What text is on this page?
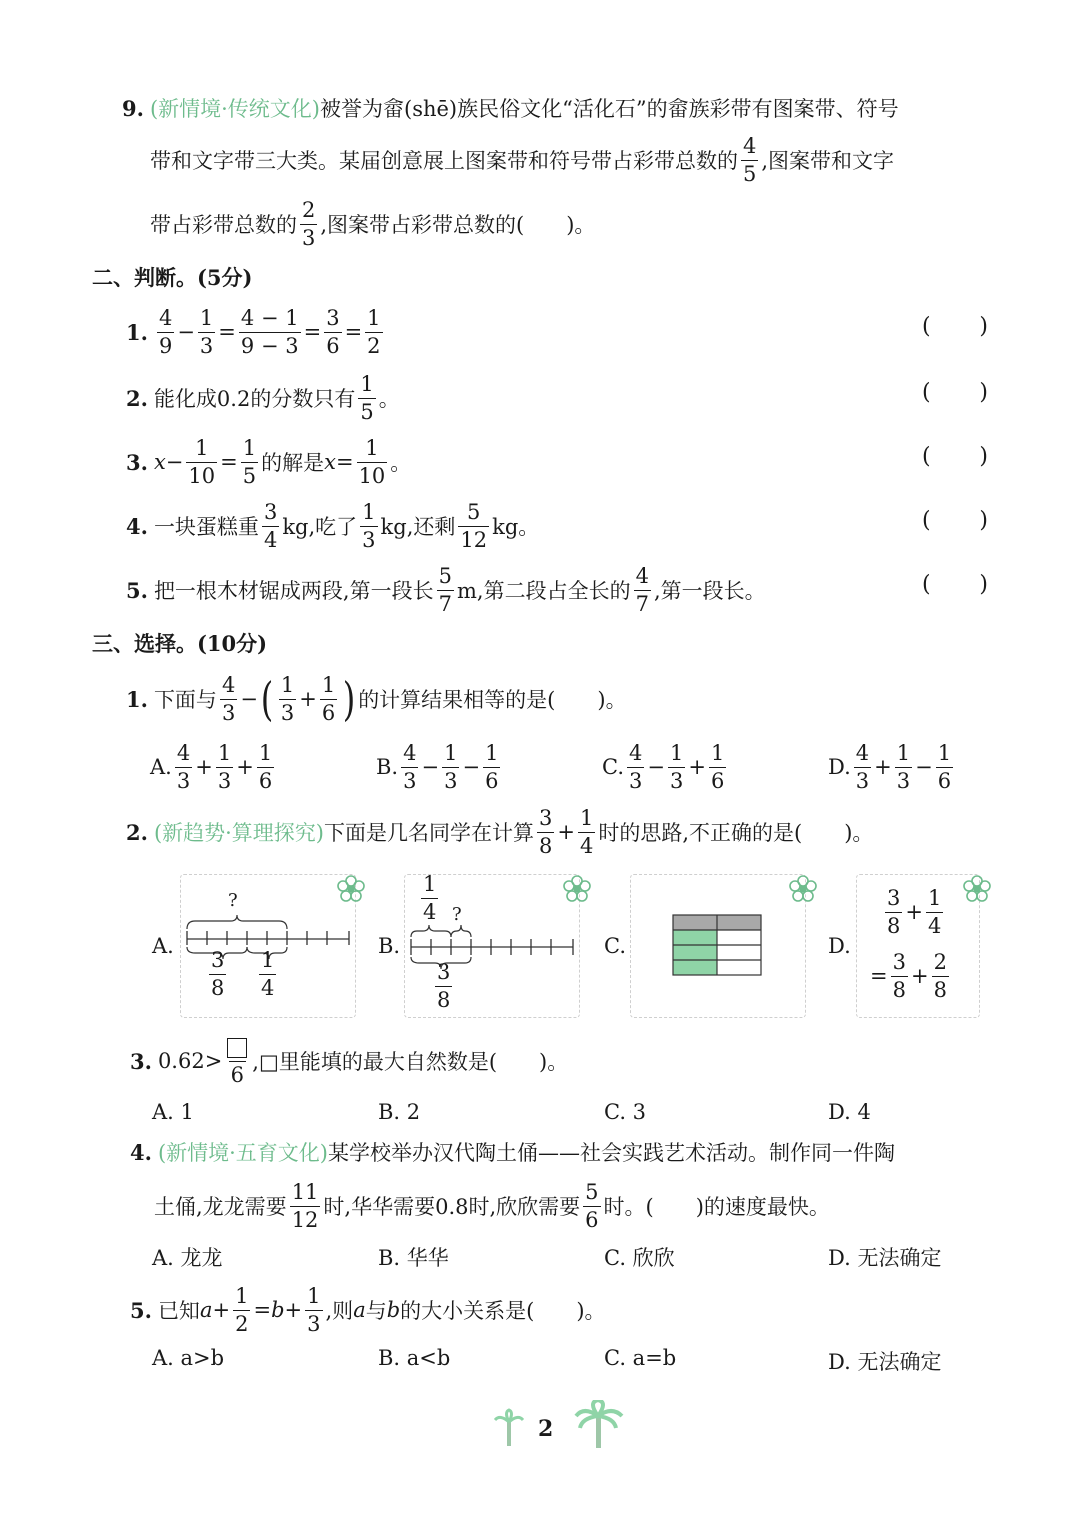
9. (新情境·传统文化) 被誉为畲(shē)族民俗文化“活化石”的畲族彩带有图案带、符号
带和文字带三大类。某届创意展上图案带和符号带占彩带总数的 $\frac{4}{5}$ ,图案带和文字
带占彩带总数的 $\frac{2}{3}$ ,图案带占彩带总数的(　　)。
二、判断。(5分)
1. $\frac{4}{9} - \frac{1}{3} = \frac{4 - 1}{9 - 3} = \frac{3}{6} = \frac{1}{2}$	( )
2. 能化成0.2的分数只有 $\frac{1}{5}$ 。	( )
3. $x - \frac{1}{10} = \frac{1}{5}$ 的解是 $x = \frac{1}{10}$ 。	( )
4. 一块蛋糕重 $\frac{3}{4}$ kg,吃了 $\frac{1}{3}$ kg,还剩 $\frac{5}{12}$ kg。	( )
5. 把一根木材锯成两段,第一段长 $\frac{5}{7} m$,第二段占全长的 $\frac{4}{7}$ ,第一段长。	( )
三、选择。(10分)
1. 下面与 $\frac{4}{3}$ − ( $\frac{1}{3} + \frac{1}{6}$ ) 的计算结果相等的是(　　)。
A. $\frac{4}{3} + \frac{1}{3} + \frac{1}{6}$	B. $\frac{4}{3} - \frac{1}{3} - \frac{1}{6}$	C. $\frac{4}{3} - \frac{1}{3} + \frac{1}{6}$	D. $\frac{4}{3} + \frac{1}{3} - \frac{1}{6}$
2. (新趋势·算理探究) 下面是几名同学在计算 $\frac{3}{8} + \frac{1}{4}$ 时的思路,不正确的是(　　)。
A.
?
$\frac{3}{8} \frac{1}{4}$
B.
$\frac{1}{4}$ ?
$\frac{3}{8}$
C.	D.
$\frac{3}{8} + \frac{1}{4}$
= $\frac{3}{8} + \frac{2}{8}$
3. 0.62>
6
,□里能填的最大自然数是(　　)。
A. 1	B. 2	C. 3	D. 4
4. (新情境·五育文化) 某学校举办汉代陶土俑——社会实践艺术活动。制作同一件陶
土俑,龙龙需要 $\frac{11}{12}$ 时,华华需要0.8时,欣欣需要 $\frac{5}{6}$ 时。(　　)的速度最快。
A. 龙龙	B. 华华	C. 欣欣	D. 无法确定
5. 已知 $a + \frac{1}{2} = b + \frac{1}{3}$ ,则 a 与 b 的大小关系是(　　)。
A. a>b	B. a<b	C. a=b	D. 无法确定
2
